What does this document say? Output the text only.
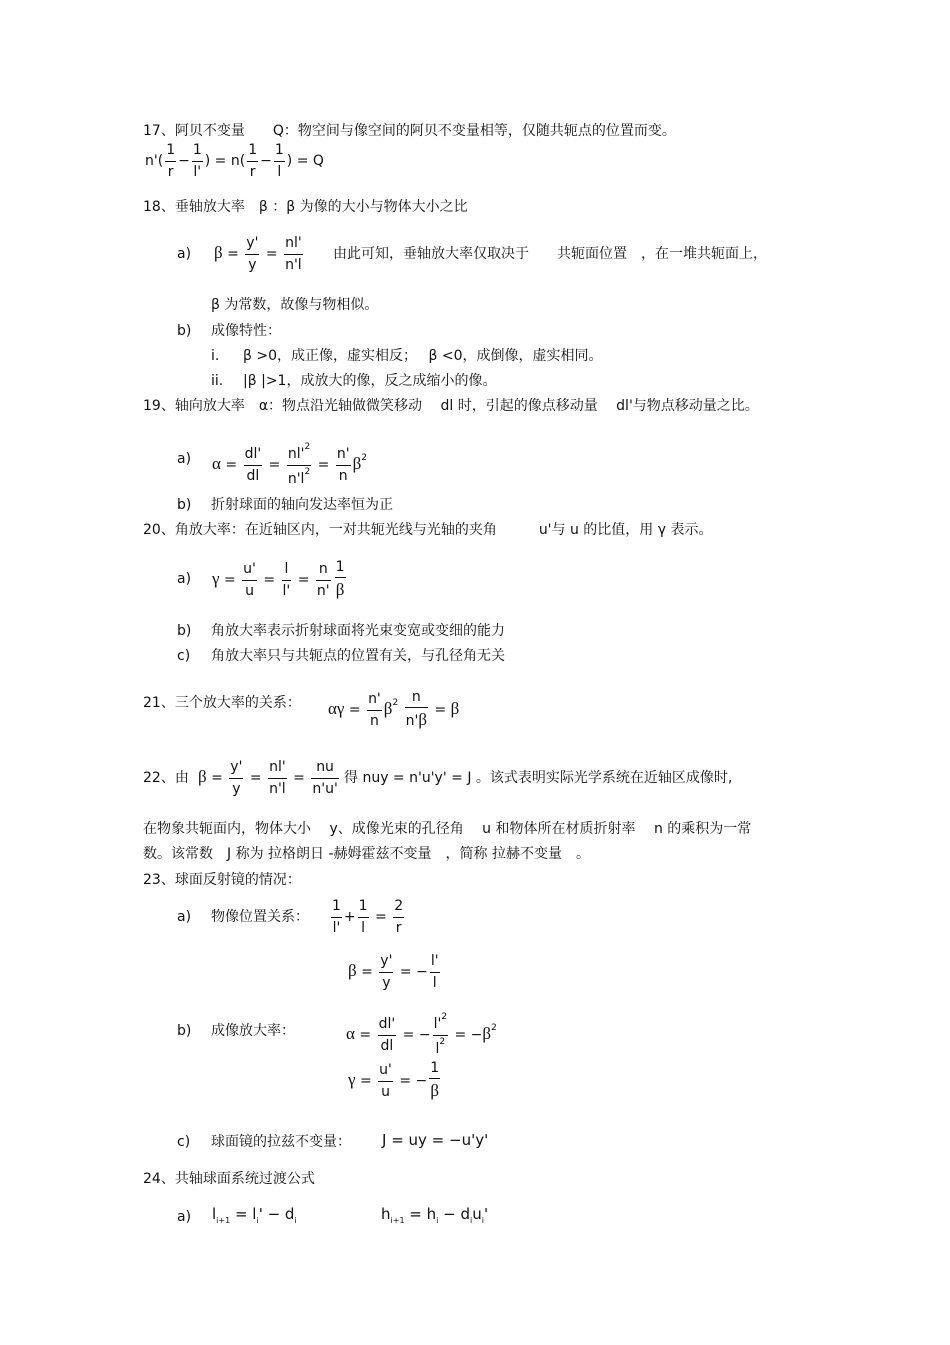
17、阿贝不变量　　Q：物空间与像空间的阿贝不变量相等，仅随共轭点的位置而变。
$n'( \frac{1}{r} - \frac{1}{l'}$ ) = $n( \frac{1}{r} - \frac{1}{l}$ ) = Q
18、垂轴放大率　β ：β 为像的大小与物体大小之比
a) $\beta = \frac{y'}{y} = \frac{nl'}{n'l}$ 由此可知，垂轴放大率仅取决于　　共轭面位置　，在一堆共轭面上，
β 为常数，故像与物相似。
b) 成像特性：
i. β >0，成正像，虚实相反；　 β <0，成倒像，虚实相同。
ii. |β |>1，成放大的像，反之成缩小的像。
19、轴向放大率　α：物点沿光轴做微笑移动　 dl 时，引起的像点移动量　 dl'与物点移动量之比。
a) $\alpha = \frac{dl'}{dl} = \frac{nl'^2}{n'l^2} = \frac{n'}{n} \beta^2$
b) 折射球面的轴向发达率恒为正
20、角放大率：在近轴区内，一对共轭光线与光轴的夹角　　　u'与 u 的比值，用 γ 表示。
a) $\gamma = \frac{u'}{u} = \frac{l}{l'} = \frac{n}{n'} 1$
β
b) 角放大率表示折射球面将光束变宽或变细的能力
c) 角放大率只与共轭点的位置有关，与孔径角无关
21、三个放大率的关系： $\alpha\gamma = \frac{n'}{n} \beta^2 \frac{n}{n'\beta} = \beta$
22、由 $\beta = \frac{y'}{y} = \frac{nl'}{n'l} = \frac{nu}{n'u'}$ 得 nuy = n'u'y' = J 。该式表明实际光学系统在近轴区成像时,
在物象共轭面内，物体大小　 y、成像光束的孔径角　 u 和物体所在材质折射率　 n 的乘积为一常
数。该常数　J 称为 拉格朗日 -赫姆霍兹不变量　，简称 拉赫不变量　。
23、球面反射镜的情况：
a) 物像位置关系： $\frac{1}{l'} + \frac{1}{l} = \frac{2}{r}$
$\beta = \frac{y'}{y}$ = − $\frac{l'}{l}$
b) 成像放大率：	$\alpha = \frac{dl'}{dl}$ = − $\frac{l'^2}{l^2} = -\beta^2$
$\gamma = \frac{u'}{u}$ = −
1
β
c) 球面镜的拉兹不变量： J = uy = −u'y'
24、共轴球面系统过渡公式
a) $l_{i+1} = l_i' - d_i$	$h_{i+1} = h_i - d_iu_i'$
